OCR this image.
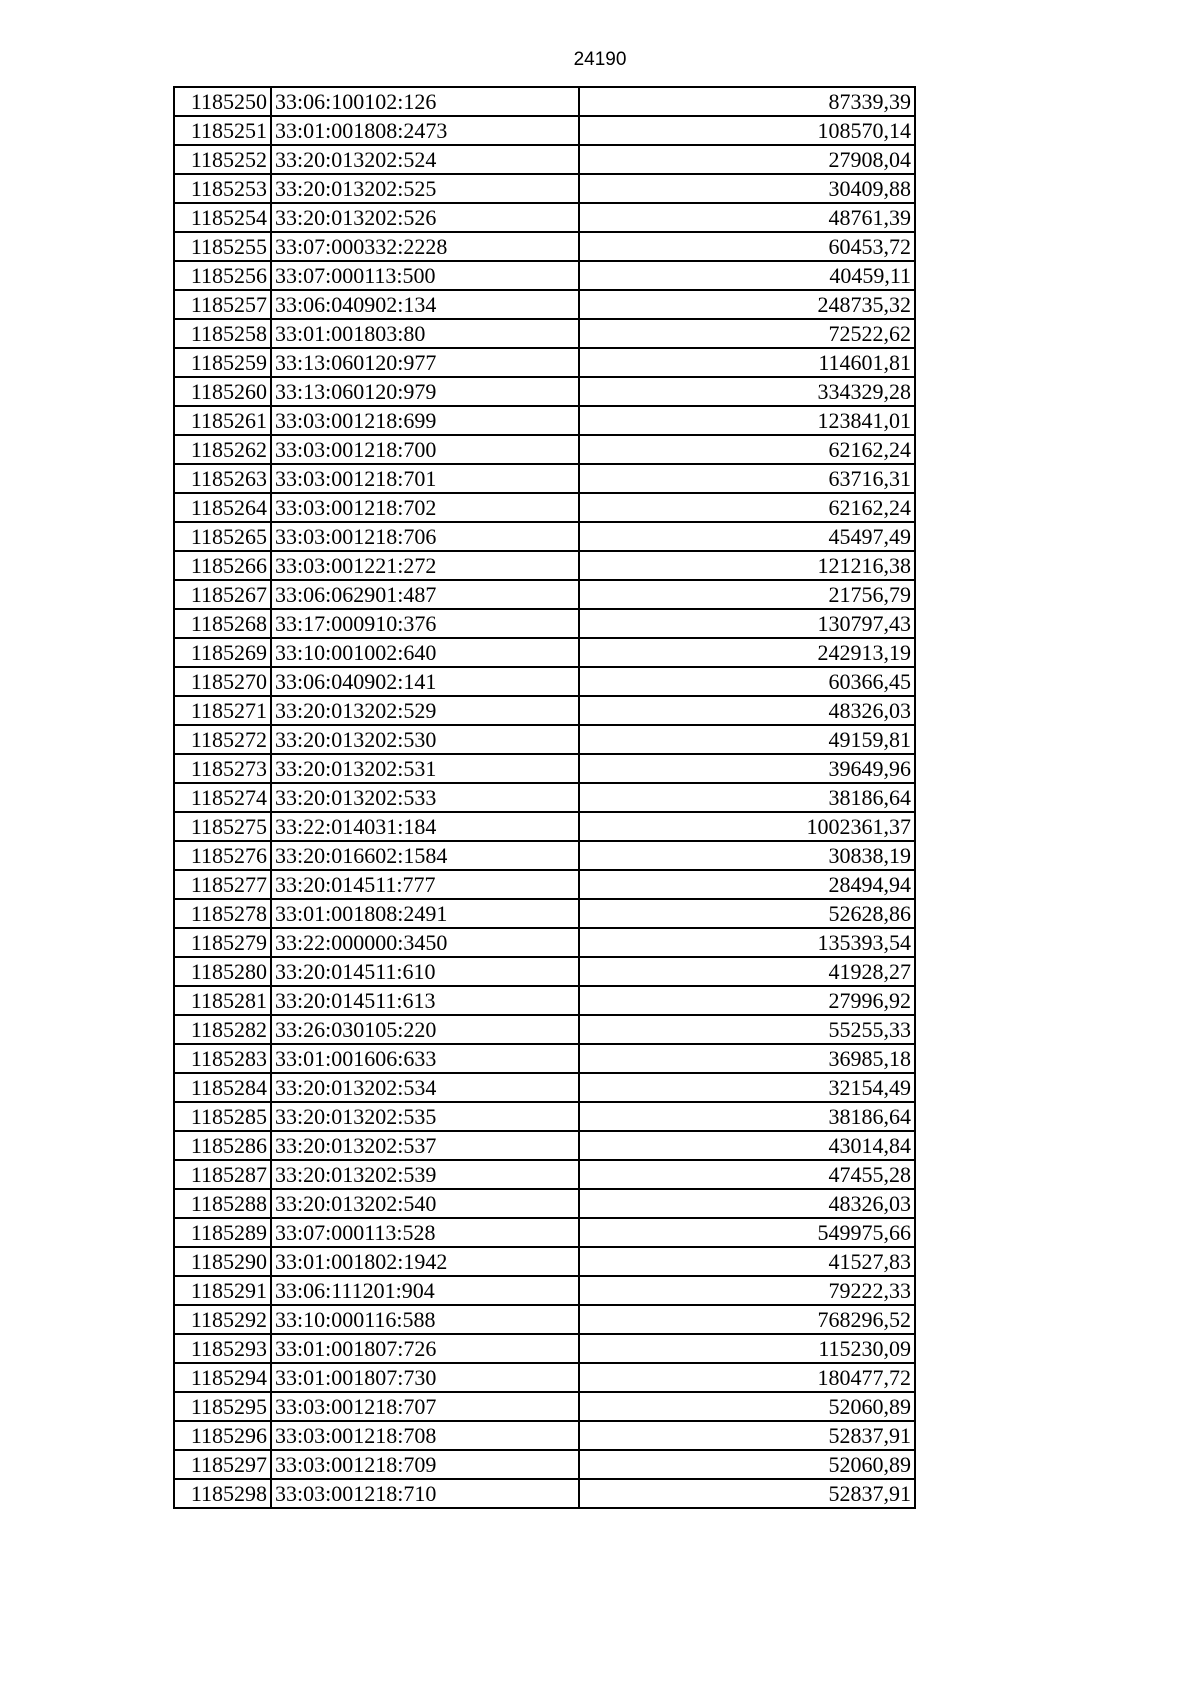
24190
1185250	33:06:100102:126	87339,39
1185251	33:01:001808:2473	108570,14
1185252	33:20:013202:524	27908,04
1185253	33:20:013202:525	30409,88
1185254	33:20:013202:526	48761,39
1185255	33:07:000332:2228	60453,72
1185256	33:07:000113:500	40459,11
1185257	33:06:040902:134	248735,32
1185258	33:01:001803:80	72522,62
1185259	33:13:060120:977	114601,81
1185260	33:13:060120:979	334329,28
1185261	33:03:001218:699	123841,01
1185262	33:03:001218:700	62162,24
1185263	33:03:001218:701	63716,31
1185264	33:03:001218:702	62162,24
1185265	33:03:001218:706	45497,49
1185266	33:03:001221:272	121216,38
1185267	33:06:062901:487	21756,79
1185268	33:17:000910:376	130797,43
1185269	33:10:001002:640	242913,19
1185270	33:06:040902:141	60366,45
1185271	33:20:013202:529	48326,03
1185272	33:20:013202:530	49159,81
1185273	33:20:013202:531	39649,96
1185274	33:20:013202:533	38186,64
1185275	33:22:014031:184	1002361,37
1185276	33:20:016602:1584	30838,19
1185277	33:20:014511:777	28494,94
1185278	33:01:001808:2491	52628,86
1185279	33:22:000000:3450	135393,54
1185280	33:20:014511:610	41928,27
1185281	33:20:014511:613	27996,92
1185282	33:26:030105:220	55255,33
1185283	33:01:001606:633	36985,18
1185284	33:20:013202:534	32154,49
1185285	33:20:013202:535	38186,64
1185286	33:20:013202:537	43014,84
1185287	33:20:013202:539	47455,28
1185288	33:20:013202:540	48326,03
1185289	33:07:000113:528	549975,66
1185290	33:01:001802:1942	41527,83
1185291	33:06:111201:904	79222,33
1185292	33:10:000116:588	768296,52
1185293	33:01:001807:726	115230,09
1185294	33:01:001807:730	180477,72
1185295	33:03:001218:707	52060,89
1185296	33:03:001218:708	52837,91
1185297	33:03:001218:709	52060,89
1185298	33:03:001218:710	52837,91
